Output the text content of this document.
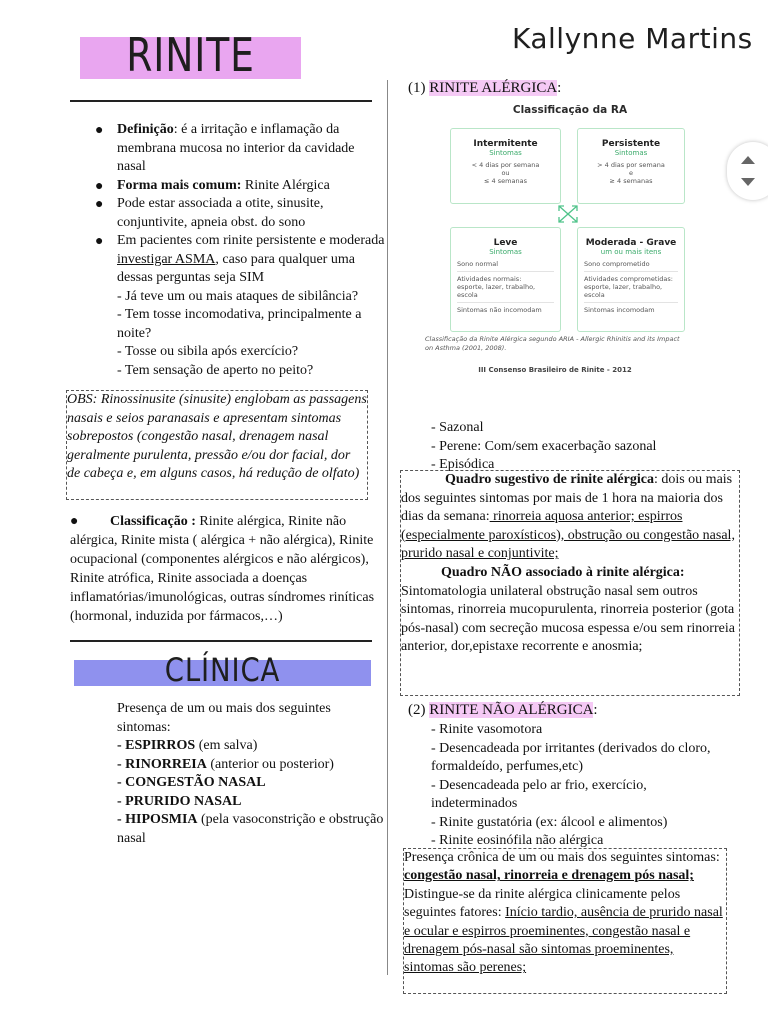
RINITE	Kallynne Martins
● Definição: é a irritação e inflamação da membrana mucosa no interior da cavidade nasal
● Forma mais comum: Rinite Alérgica
● Pode estar associada a otite, sinusite, conjuntivite, apneia obst. do sono
● Em pacientes com rinite persistente e moderada investigar ASMA, caso para qualquer uma dessas perguntas seja SIM
- Já teve um ou mais ataques de sibilância?
- Tem tosse incomodativa, principalmente a noite?
- Tosse ou sibila após exercício?
- Tem sensação de aperto no peito?
OBS: Rinossinusite (sinusite) englobam as passagens nasais e seios paranasais e apresentam sintomas sobrepostos (congestão nasal, drenagem nasal geralmente purulenta, pressão e/ou dor facial, dor de cabeça e, em alguns casos, há redução de olfato)
● Classificação : Rinite alérgica, Rinite não alérgica, Rinite mista ( alérgica + não alérgica), Rinite ocupacional (componentes alérgicos e não alérgicos), Rinite atrófica, Rinite associada a doenças inflamatórias/imunológicas, outras síndromes riníticas (hormonal, induzida por fármacos,…)
CLÍNICA
Presença de um ou mais dos seguintes sintomas:
- ESPIRROS (em salva)
- RINORREIA (anterior ou posterior)
- CONGESTÃO NASAL
- PRURIDO NASAL
- HIPOSMIA (pela vasoconstrição e obstrução nasal
(1) RINITE ALÉRGICA:
Classificação da RA
Intermitente
Sintomas
< 4 dias por semana
ou
≤ 4 semanas
Persistente
Sintomas
> 4 dias por semana
e
≥ 4 semanas
Leve
Sintomas
Sono normal
Atividades normais:
esporte, lazer, trabalho,
escola
Sintomas não incomodam
Moderada - Grave
um ou mais itens
Sono comprometido
Atividades comprometidas:
esporte, lazer, trabalho,
escola
Sintomas incomodam
Classificação da Rinite Alérgica segundo ARIA - Allergic Rhinitis and its Impact on Asthma (2001, 2008).
III Consenso Brasileiro de Rinite - 2012
- Sazonal
- Perene: Com/sem exacerbação sazonal
- Episódica
Quadro sugestivo de rinite alérgica: dois ou mais dos seguintes sintomas por mais de 1 hora na maioria dos dias da semana: rinorreia aquosa anterior; espirros (especialmente paroxísticos), obstrução ou congestão nasal, prurido nasal e conjuntivite;
Quadro NÃO associado à rinite alérgica:
Sintomatologia unilateral obstrução nasal sem outros sintomas, rinorreia mucopurulenta, rinorreia posterior (gota pós-nasal) com secreção mucosa espessa e/ou sem rinorreia anterior, dor,epistaxe recorrente e anosmia;
(2) RINITE NÃO ALÉRGICA:
- Rinite vasomotora
- Desencadeada por irritantes (derivados do cloro, formaldeído, perfumes,etc)
- Desencadeada pelo ar frio, exercício, indeterminados
- Rinite gustatória (ex: álcool e alimentos)
- Rinite eosinófila não alérgica
Presença crônica de um ou mais dos seguintes sintomas: congestão nasal, rinorreia e drenagem pós nasal;
Distingue-se da rinite alérgica clinicamente pelos seguintes fatores: Início tardio, ausência de prurido nasal e ocular e espirros proeminentes, congestão nasal e drenagem pós-nasal são sintomas proeminentes, sintomas são perenes;
